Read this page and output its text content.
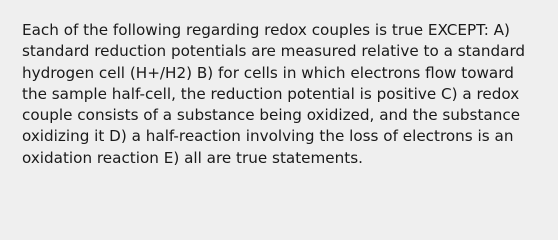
Each of the following regarding redox couples is true EXCEPT: A) standard reduction potentials are measured relative to a standard hydrogen cell (H+/H2) B) for cells in which electrons flow toward the sample half-cell, the reduction potential is positive C) a redox couple consists of a substance being oxidized, and the substance oxidizing it D) a half-reaction involving the loss of electrons is an oxidation reaction E) all are true statements.
